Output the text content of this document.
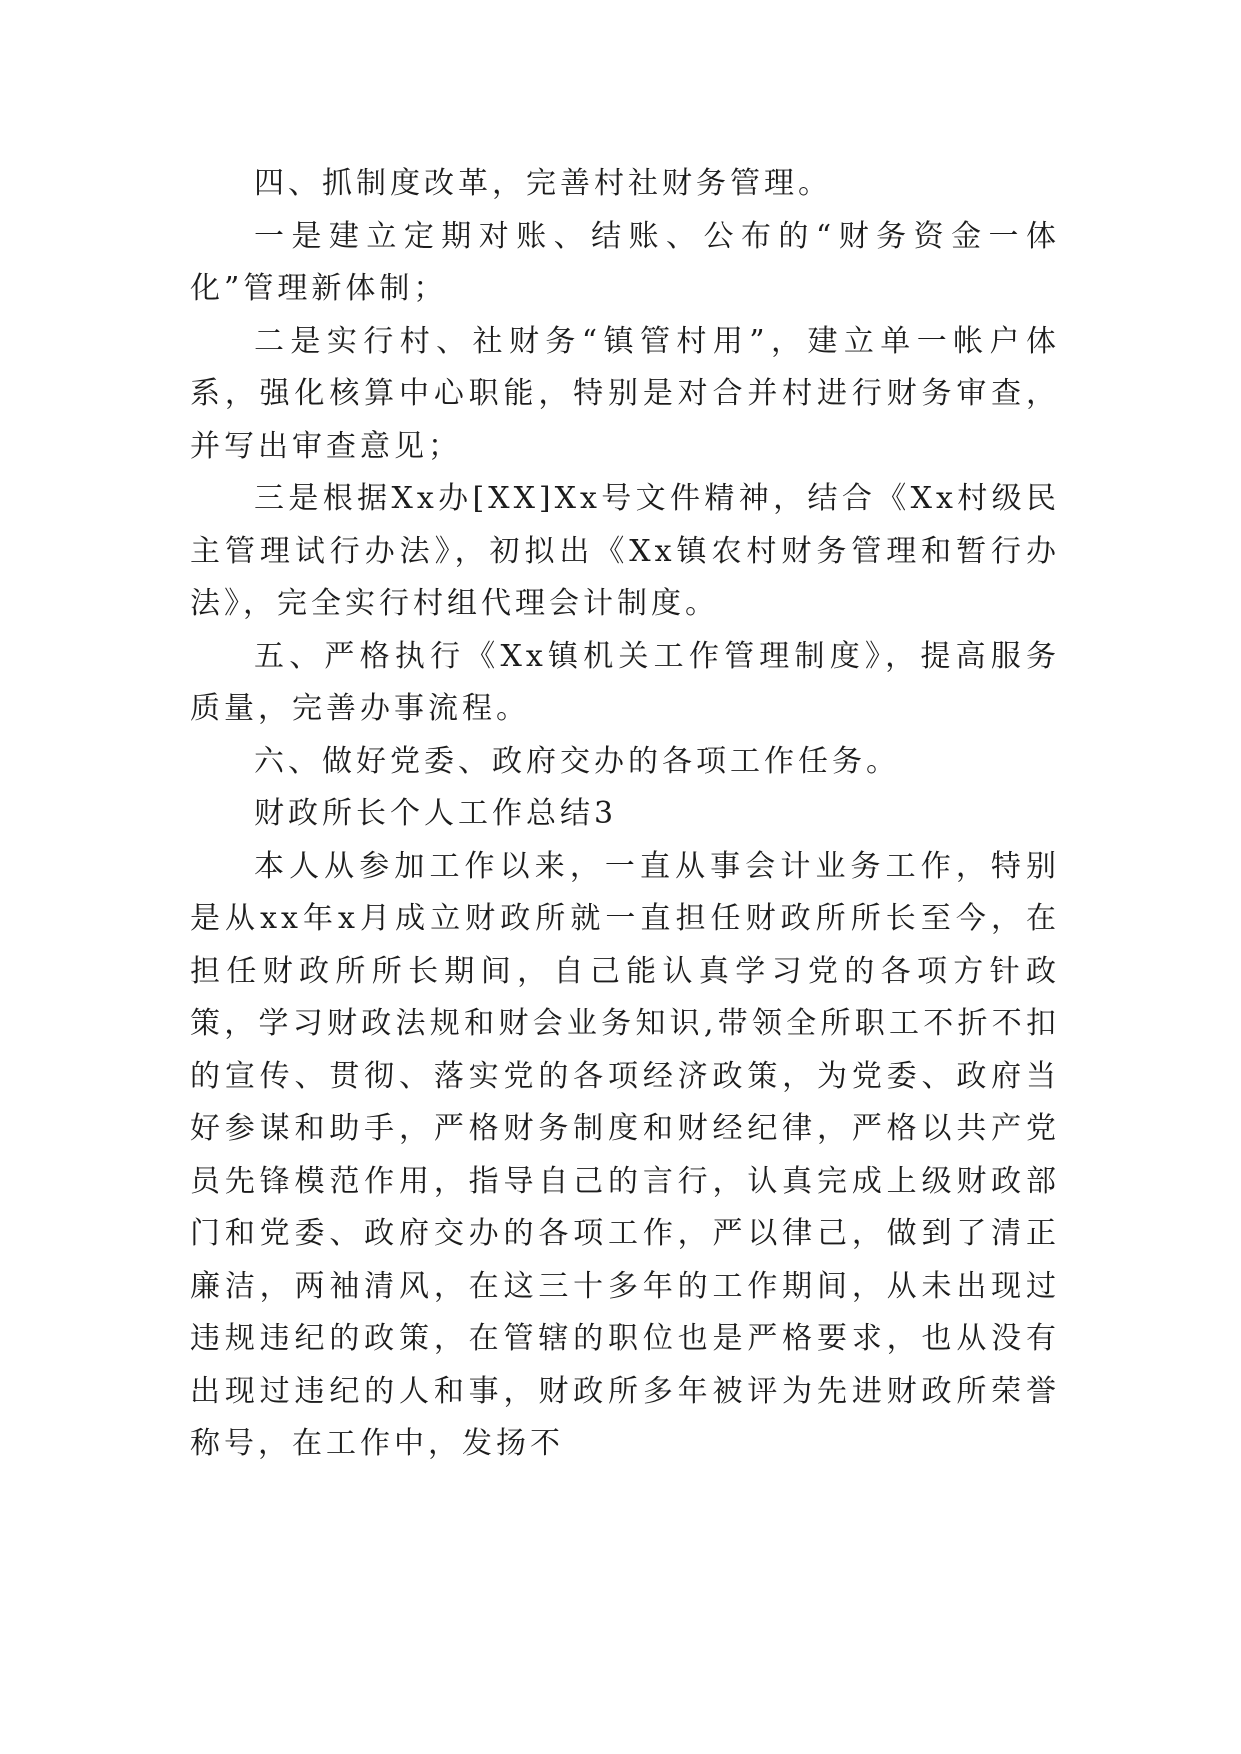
四、抓制度改革，完善村社财务管理。

一是建立定期对账、结账、公布的“财务资金一体化”管理新体制；

二是实行村、社财务“镇管村用”，建立单一帐户体系，强化核算中心职能，特别是对合并村进行财务审查，并写出审查意见；

三是根据Xx办[XX]Xx号文件精神，结合《Xx村级民主管理试行办法》，初拟出《Xx镇农村财务管理和暂行办法》，完全实行村组代理会计制度。

五、严格执行《Xx镇机关工作管理制度》，提高服务质量，完善办事流程。

六、做好党委、政府交办的各项工作任务。

财政所长个人工作总结3

本人从参加工作以来，一直从事会计业务工作，特别是从xx年x月成立财政所就一直担任财政所所长至今，在担任财政所所长期间，自己能认真学习党的各项方针政策，学习财政法规和财会业务知识,带领全所职工不折不扣的宣传、贯彻、落实党的各项经济政策，为党委、政府当好参谋和助手，严格财务制度和财经纪律，严格以共产党员先锋模范作用，指导自己的言行，认真完成上级财政部门和党委、政府交办的各项工作，严以律己，做到了清正廉洁，两袖清风，在这三十多年的工作期间，从未出现过违规违纪的政策，在管辖的职位也是严格要求，也从没有出现过违纪的人和事，财政所多年被评为先进财政所荣誉称号，在工作中，发扬不
